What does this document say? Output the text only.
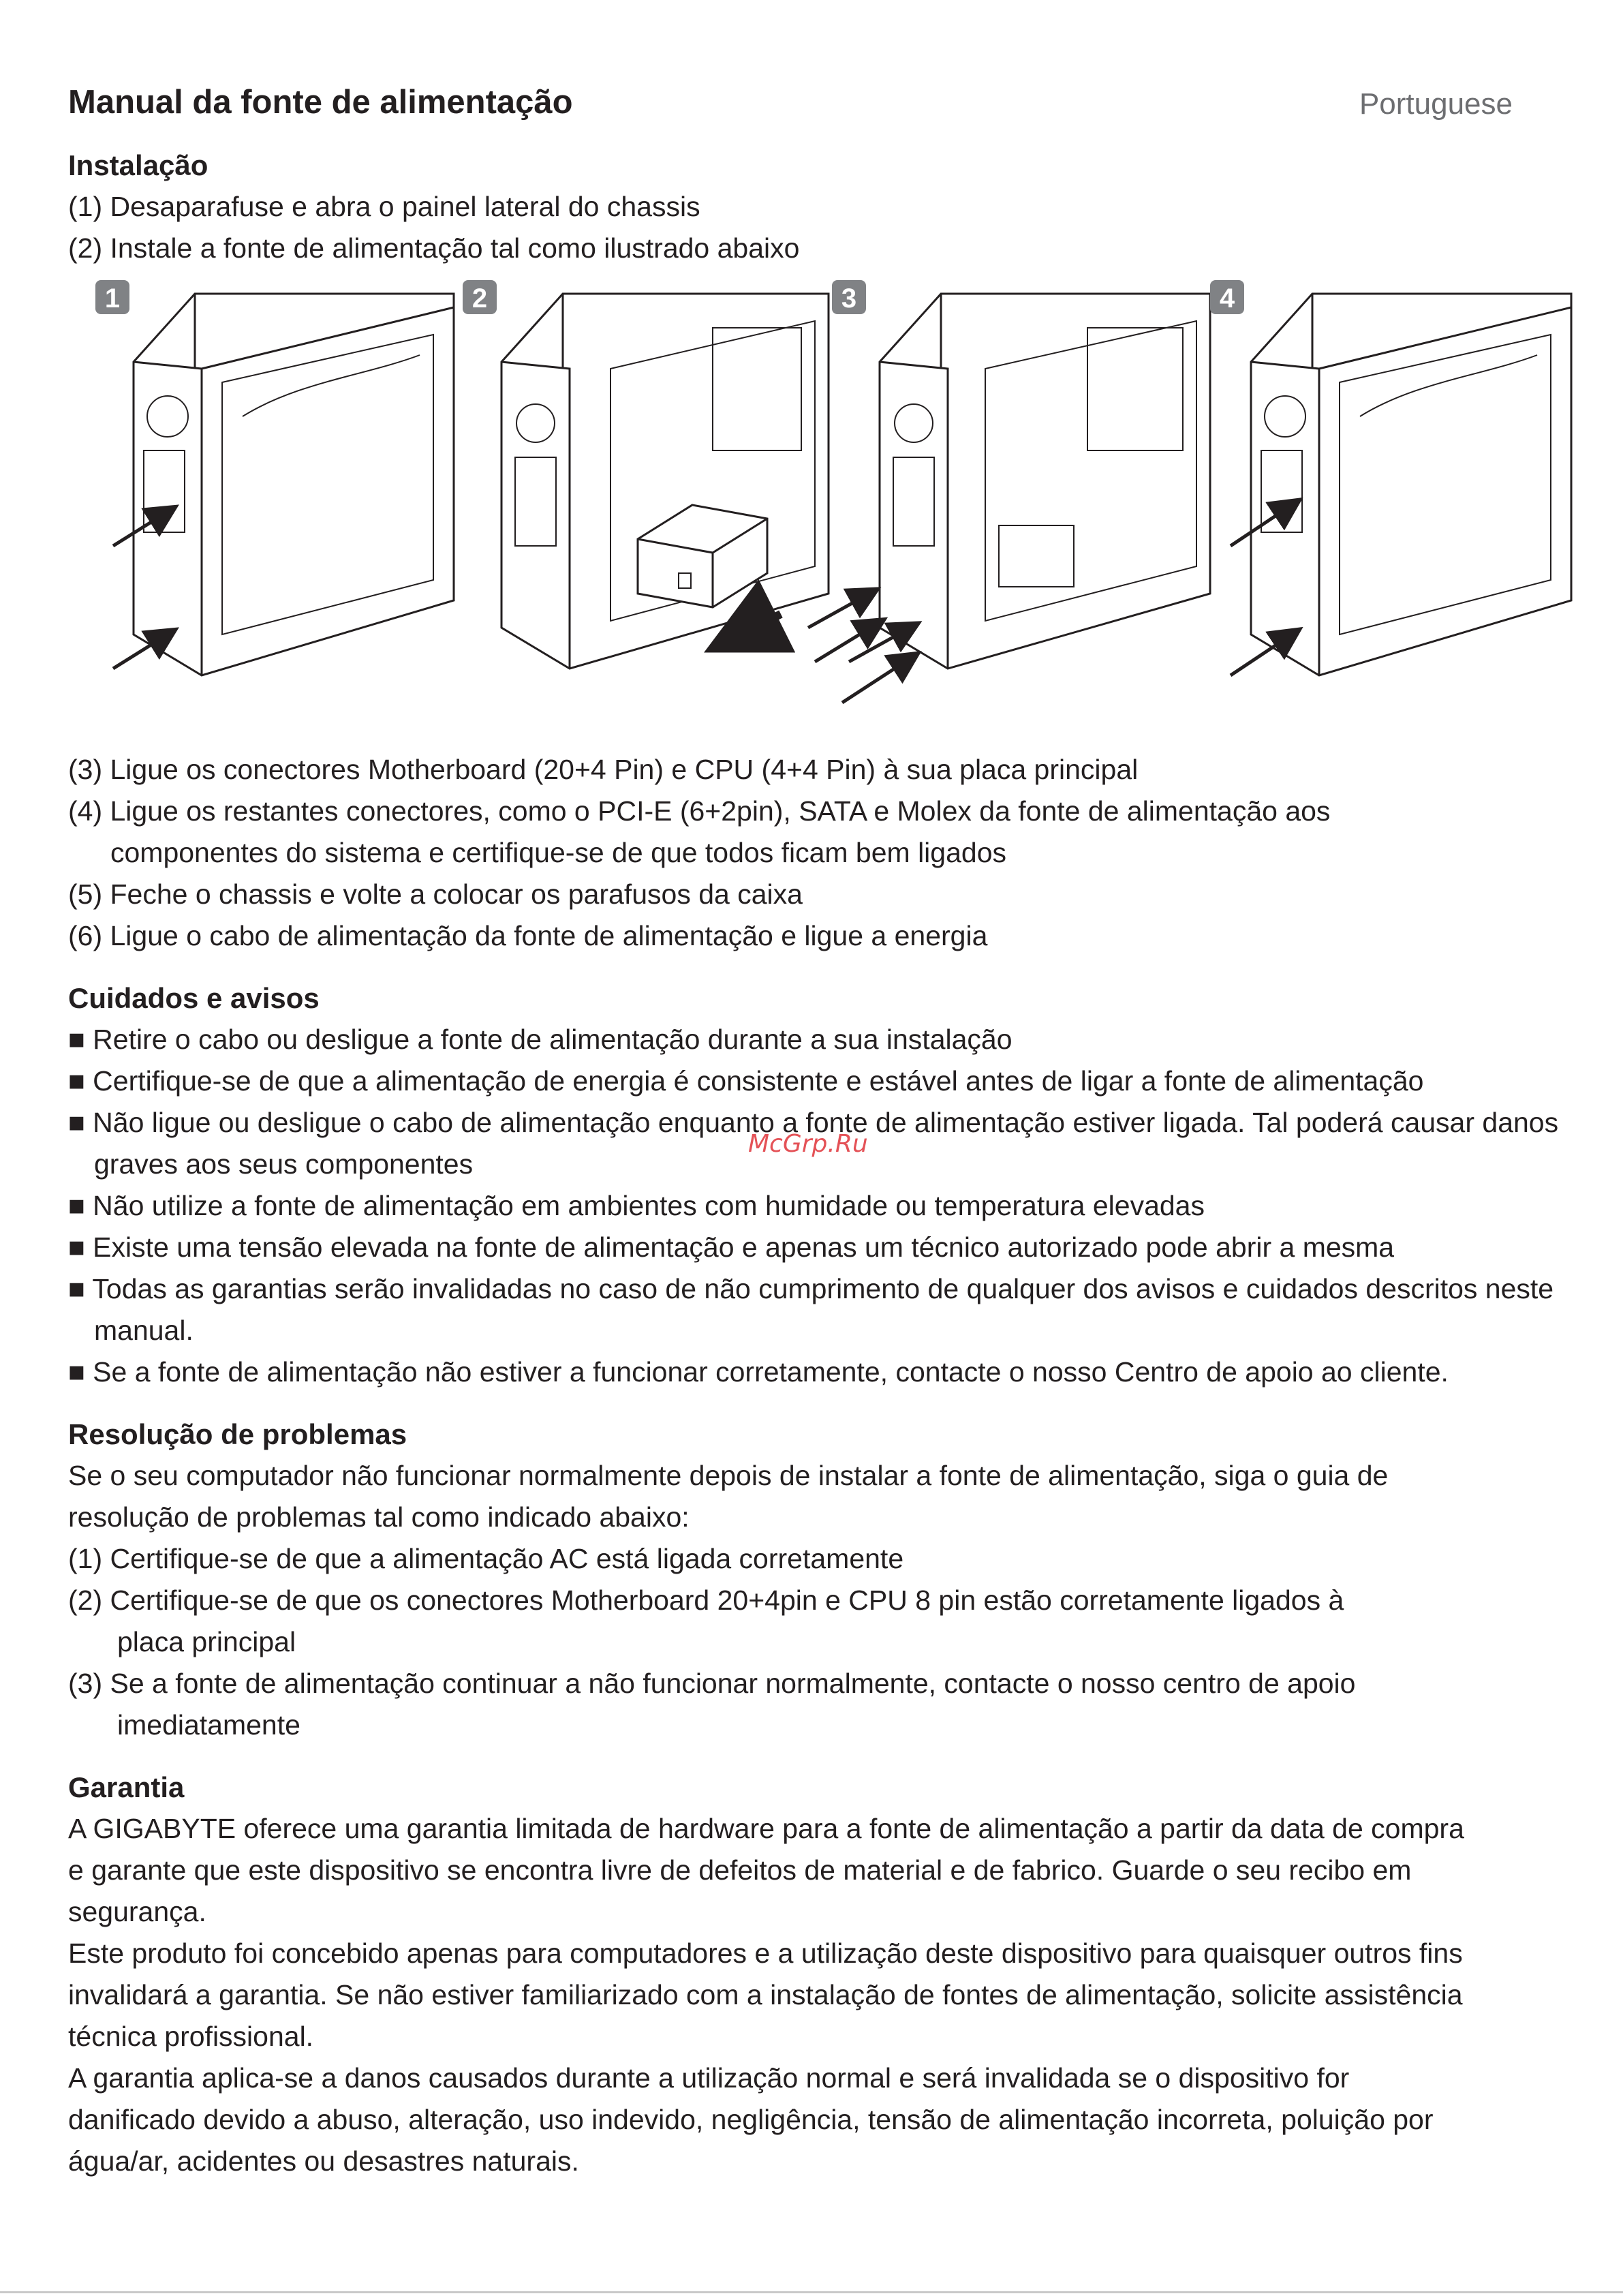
Manual da fonte de alimentação	Portuguese
Instalação

(1) Desaparafuse e abra o painel lateral do chassis

(2) Instale a fonte de alimentação tal como ilustrado abaixo

1	2	3	4

(3) Ligue os conectores Motherboard (20+4 Pin) e CPU (4+4 Pin) à sua placa principal

(4) Ligue os restantes conectores, como o PCI-E (6+2pin), SATA e Molex da fonte de alimentação aos

componentes do sistema e certifique-se de que todos ficam bem ligados

(5) Feche o chassis e volte a colocar os parafusos da caixa

(6) Ligue o cabo de alimentação da fonte de alimentação e ligue a energia

Cuidados e avisos

■ Retire o cabo ou desligue a fonte de alimentação durante a sua instalação

■ Certifique-se de que a alimentação de energia é consistente e estável antes de ligar a fonte de alimentação

■ Não ligue ou desligue o cabo de alimentação enquanto a fonte de alimentação estiver ligada. Tal poderá causar danos graves aos seus componentes

■ Não utilize a fonte de alimentação em ambientes com humidade ou temperatura elevadas

■ Existe uma tensão elevada na fonte de alimentação e apenas um técnico autorizado pode abrir a mesma

■ Todas as garantias serão invalidadas no caso de não cumprimento de qualquer dos avisos e cuidados descritos neste manual.

■ Se a fonte de alimentação não estiver a funcionar corretamente, contacte o nosso Centro de apoio ao cliente.

Resolução de problemas

Se o seu computador não funcionar normalmente depois de instalar a fonte de alimentação, siga o guia de

resolução de problemas tal como indicado abaixo:

(1) Certifique-se de que a alimentação AC está ligada corretamente

(2) Certifique-se de que os conectores Motherboard 20+4pin e CPU 8 pin estão corretamente ligados à

placa principal

(3) Se a fonte de alimentação continuar a não funcionar normalmente, contacte o nosso centro de apoio

imediatamente

Garantia

A GIGABYTE oferece uma garantia limitada de hardware para a fonte de alimentação a partir da data de compra

e garante que este dispositivo se encontra livre de defeitos de material e de fabrico. Guarde o seu recibo em

segurança.

Este produto foi concebido apenas para computadores e a utilização deste dispositivo para quaisquer outros fins

invalidará a garantia. Se não estiver familiarizado com a instalação de fontes de alimentação, solicite assistência

técnica profissional.

A garantia aplica-se a danos causados durante a utilização normal e será invalidada se o dispositivo for

danificado devido a abuso, alteração, uso indevido, negligência, tensão de alimentação incorreta, poluição por

água/ar, acidentes ou desastres naturais.

McGrp.Ru
